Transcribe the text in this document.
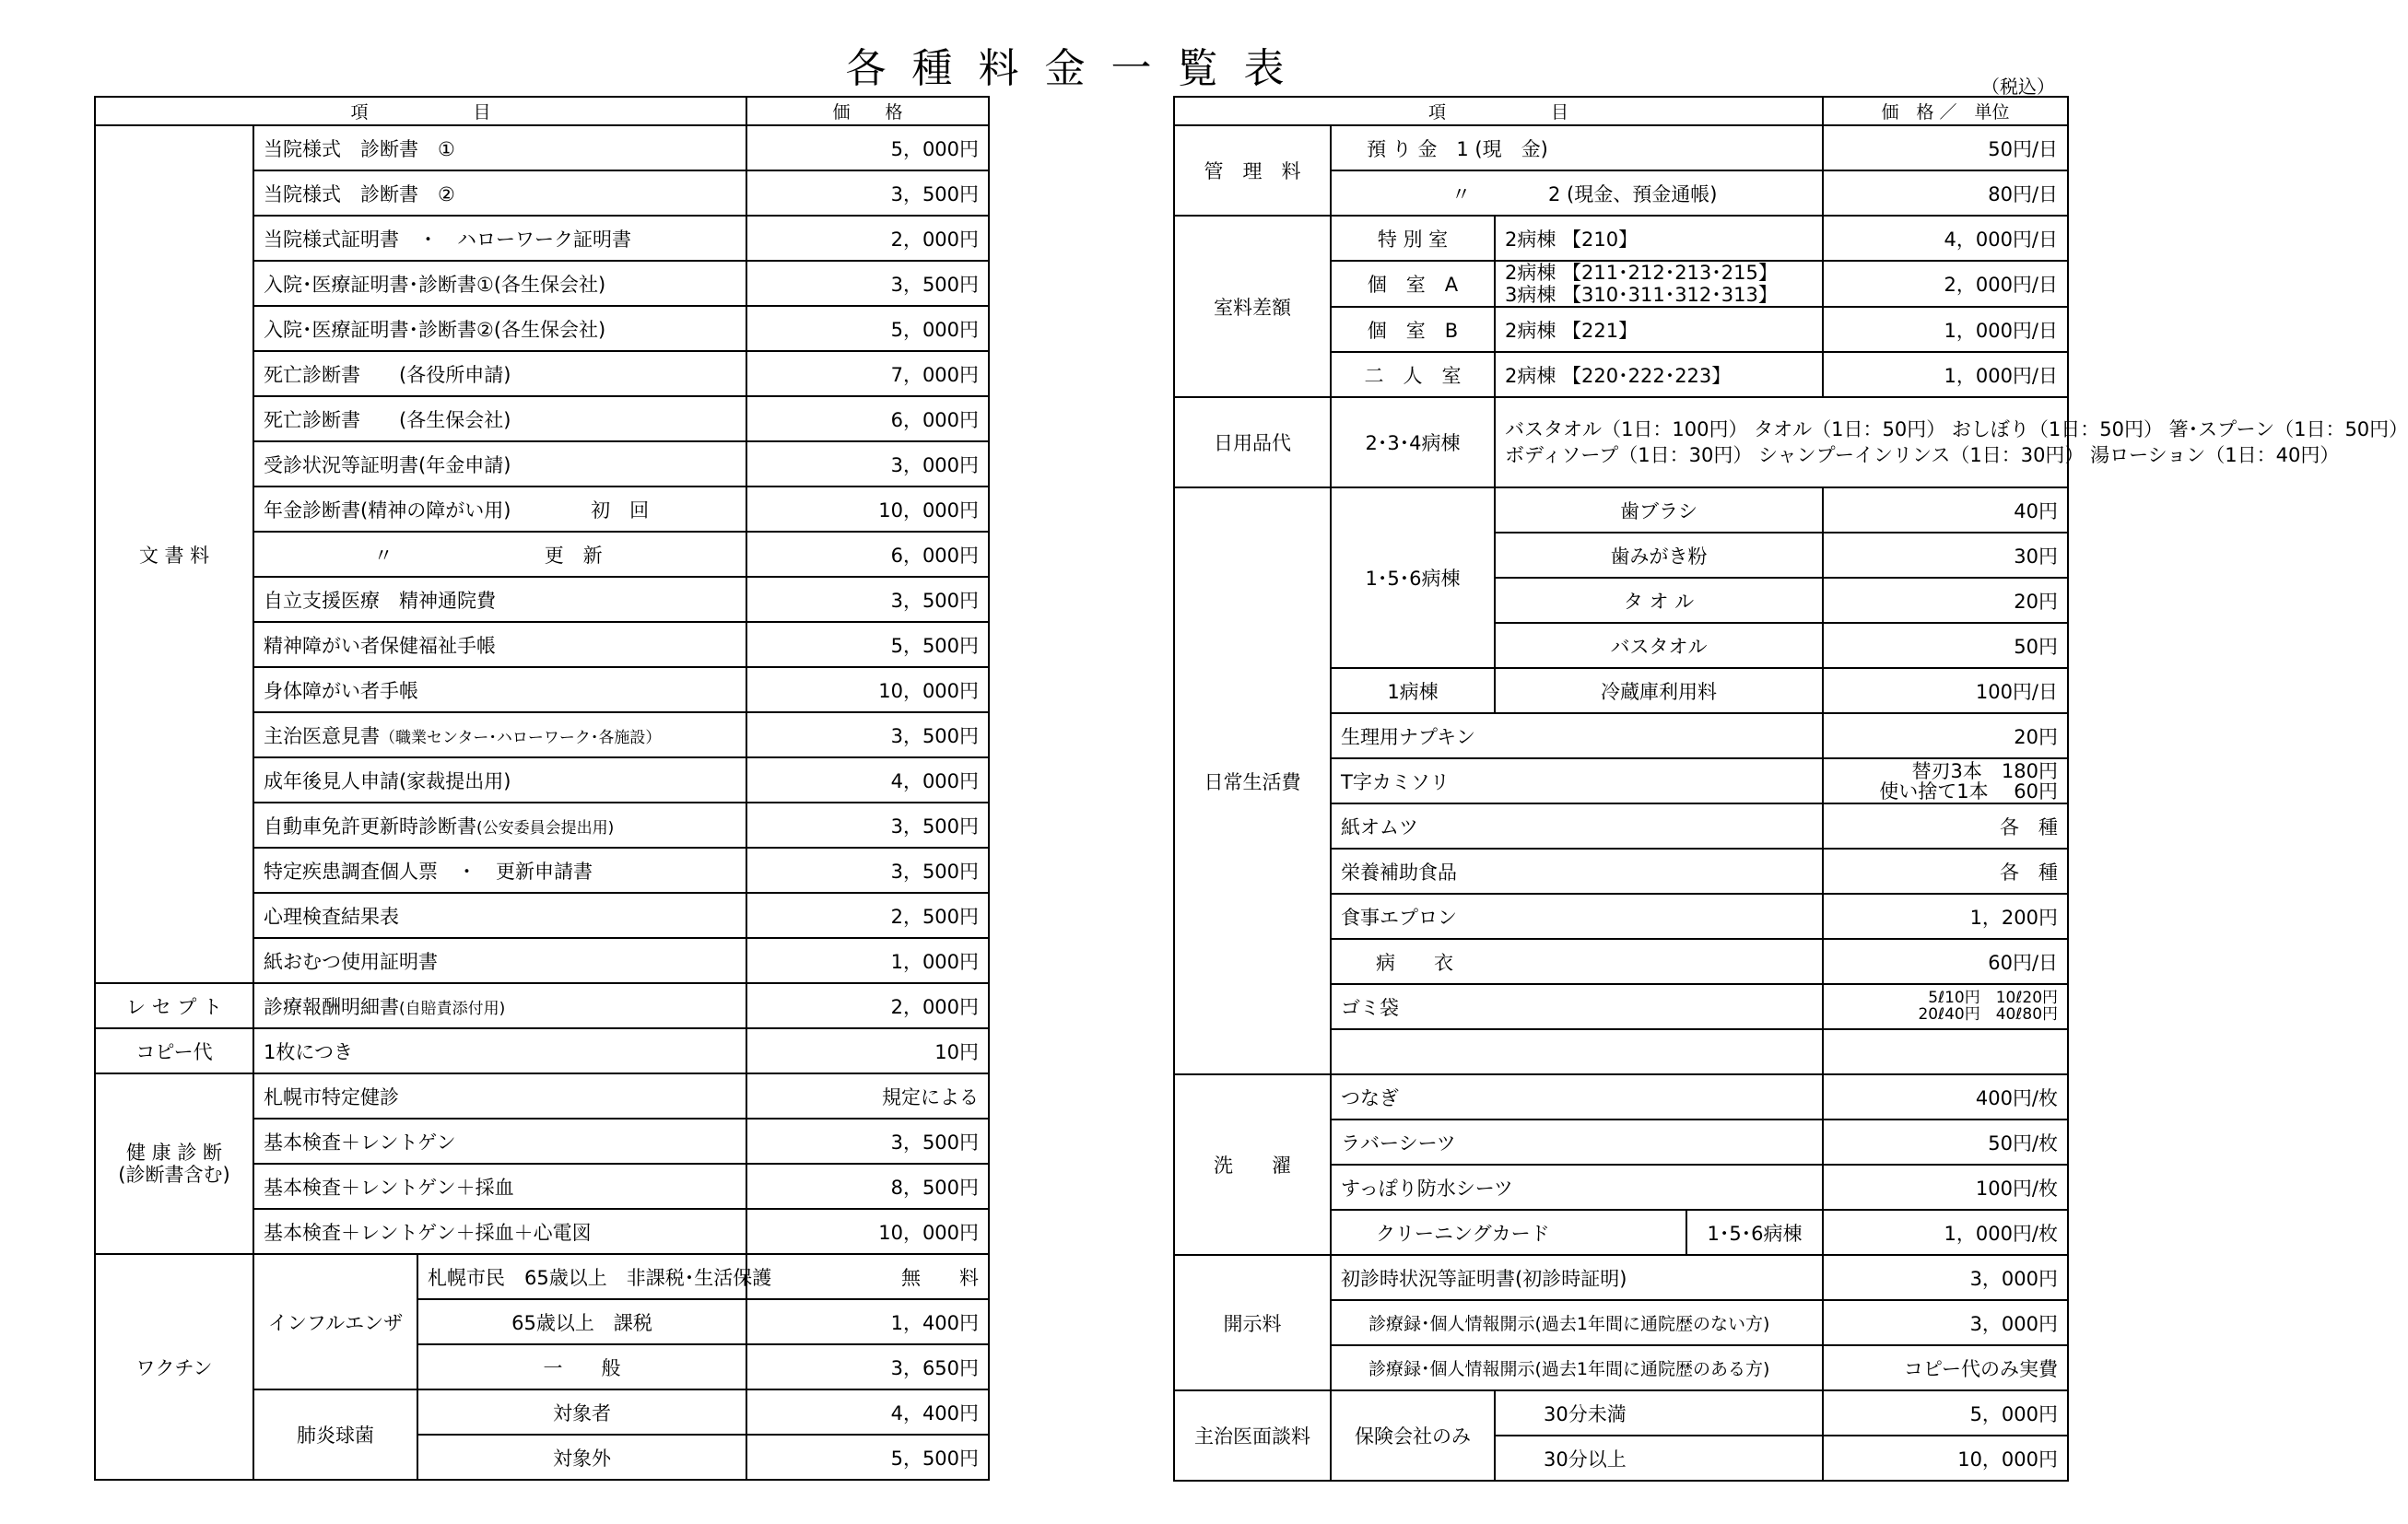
各種料金一覧表	（税込）
項　　　　　　目			価　　格
文 書 料	当院様式　診断書　①		5，000円
	当院様式　診断書　②		3，500円
	当院様式証明書　・　ハローワーク証明書		2，000円
	入院･医療証明書･診断書①(各生保会社)		3，500円
	入院･医療証明書･診断書②(各生保会社)		5，000円
	死亡診断書　　(各役所申請)		7，000円
	死亡診断書　　(各生保会社)		6，000円
	受診状況等証明書(年金申請)		3，000円
	年金診断書(精神の障がい用) 初　回		10，000円
	〃 更　新		6，000円
	自立支援医療　精神通院費		3，500円
	精神障がい者保健福祉手帳		5，500円
	身体障がい者手帳		10，000円
	主治医意見書（職業センター･ハローワーク･各施設）		3，500円
	成年後見人申請(家裁提出用)		4，000円
	自動車免許更新時診断書(公安委員会提出用)		3，500円
	特定疾患調査個人票　・　更新申請書		3，500円
	心理検査結果表		2，500円
	紙おむつ使用証明書		1，000円
レ セ プ ト	診療報酬明細書(自賠責添付用)		2，000円
コピー代	1枚につき		10円

健 康 診 断
(診断書含む)	札幌市特定健診		規定による
	基本検査＋レントゲン		3，500円
	基本検査＋レントゲン＋採血		8，500円
	基本検査＋レントゲン＋採血＋心電図		10，000円
ワクチン	インフルエンザ	札幌市民　65歳以上　非課税･生活保護	無　　料
		65歳以上　課税	1，400円
		一　　般	3，650円
	肺炎球菌	対象者	4，400円
		対象外	5，500円
項　　　　　　目				価　格 ／　単位
管　理　料	預 り 金　1 (現　金)			50円/日
	〃　　　　2 (現金、預金通帳)			80円/日
室料差額	特 別 室	2病棟 【210】		4，000円/日
	個　室　A	2病棟 【211･212･213･215】
3病棟 【310･311･312･313】		2，000円/日
	個　室　B	2病棟 【221】		1，000円/日
	二　人　室	2病棟 【220･222･223】		1，000円/日
日用品代	2･3･4病棟	バスタオル（1日：100円） タオル（1日：50円） おしぼり（1日：50円） 箸･スプーン（1日：50円）
ボディソープ（1日：30円） シャンプーインリンス（1日：30円） 湯ローション（1日：40円）		

日常生活費	1･5･6病棟	歯ブラシ		40円
		歯みがき粉		30円
		タ オ ル		20円
		バスタオル		50円
	1病棟	冷蔵庫利用料		100円/日
	生理用ナプキン			20円
	T字カミソリ			替刃3本　180円
使い捨て1本　 60円

	紙オムツ			各　種
	栄養補助食品			各　種
	食事エプロン			1，200円
	病　　衣			60円/日
	ゴミ袋			5ℓ10円　10ℓ20円
20ℓ40円　40ℓ80円

洗　　濯	つなぎ			400円/枚
	ラバーシーツ			50円/枚
	すっぽり防水シーツ			100円/枚
	クリーニングカード		1･5･6病棟	1，000円/枚
開示料	初診時状況等証明書(初診時証明)			3，000円
	診療録･個人情報開示(過去1年間に通院歴のない方)			3，000円
	診療録･個人情報開示(過去1年間に通院歴のある方)			コピー代のみ実費
主治医面談料	保険会社のみ	30分未満		5，000円
		30分以上		10，000円
